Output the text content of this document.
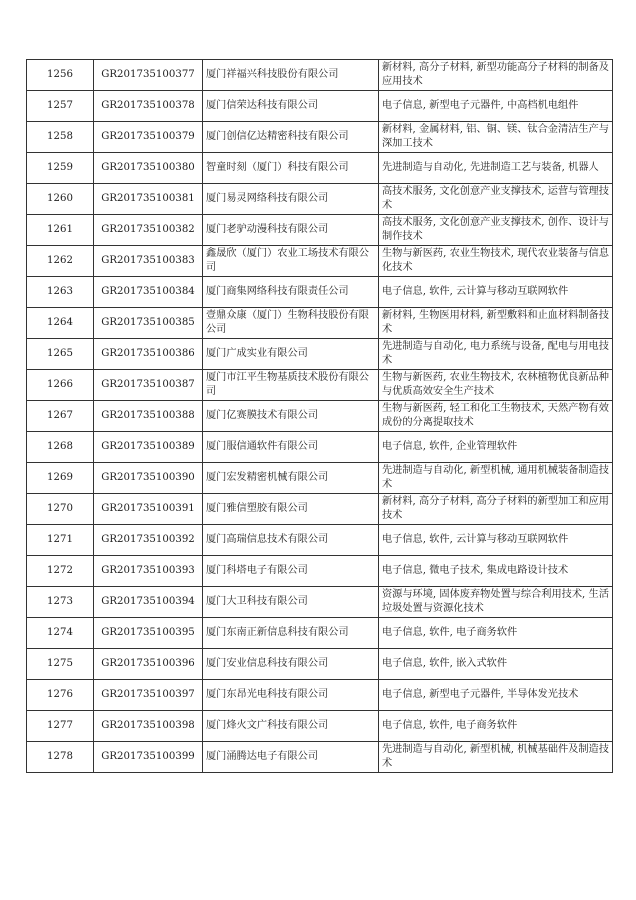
1256	GR201735100377	厦门祥福兴科技股份有限公司	新材料, 高分子材料, 新型功能高分子材料的制备及应用技术
1257	GR201735100378	厦门信荣达科技有限公司	电子信息, 新型电子元器件, 中高档机电组件
1258	GR201735100379	厦门创信亿达精密科技有限公司	新材料, 金属材料, 铝、铜、镁、钛合金清洁生产与深加工技术
1259	GR201735100380	智童时刻（厦门）科技有限公司	先进制造与自动化, 先进制造工艺与装备, 机器人
1260	GR201735100381	厦门易灵网络科技有限公司	高技术服务, 文化创意产业支撑技术, 运营与管理技术
1261	GR201735100382	厦门老驴动漫科技有限公司	高技术服务, 文化创意产业支撑技术, 创作、设计与制作技术
1262	GR201735100383	鑫晟欣（厦门）农业工场技术有限公司	生物与新医药, 农业生物技术, 现代农业装备与信息化技术
1263	GR201735100384	厦门商集网络科技有限责任公司	电子信息, 软件, 云计算与移动互联网软件
1264	GR201735100385	壹鼎众康（厦门）生物科技股份有限公司	新材料, 生物医用材料, 新型敷料和止血材料制备技术
1265	GR201735100386	厦门广成实业有限公司	先进制造与自动化, 电力系统与设备, 配电与用电技术
1266	GR201735100387	厦门市江平生物基质技术股份有限公司	生物与新医药, 农业生物技术, 农林植物优良新品种与优质高效安全生产技术
1267	GR201735100388	厦门亿赛膜技术有限公司	生物与新医药, 轻工和化工生物技术, 天然产物有效成份的分离提取技术
1268	GR201735100389	厦门服信通软件有限公司	电子信息, 软件, 企业管理软件
1269	GR201735100390	厦门宏发精密机械有限公司	先进制造与自动化, 新型机械, 通用机械装备制造技术
1270	GR201735100391	厦门雅信塑胶有限公司	新材料, 高分子材料, 高分子材料的新型加工和应用技术
1271	GR201735100392	厦门高瑞信息技术有限公司	电子信息, 软件, 云计算与移动互联网软件
1272	GR201735100393	厦门科塔电子有限公司	电子信息, 微电子技术, 集成电路设计技术
1273	GR201735100394	厦门大卫科技有限公司	资源与环境, 固体废弃物处置与综合利用技术, 生活垃圾处置与资源化技术
1274	GR201735100395	厦门东南正新信息科技有限公司	电子信息, 软件, 电子商务软件
1275	GR201735100396	厦门安业信息科技有限公司	电子信息, 软件, 嵌入式软件
1276	GR201735100397	厦门东昂光电科技有限公司	电子信息, 新型电子元器件, 半导体发光技术
1277	GR201735100398	厦门烽火文广科技有限公司	电子信息, 软件, 电子商务软件
1278	GR201735100399	厦门涌腾达电子有限公司	先进制造与自动化, 新型机械, 机械基础件及制造技术
